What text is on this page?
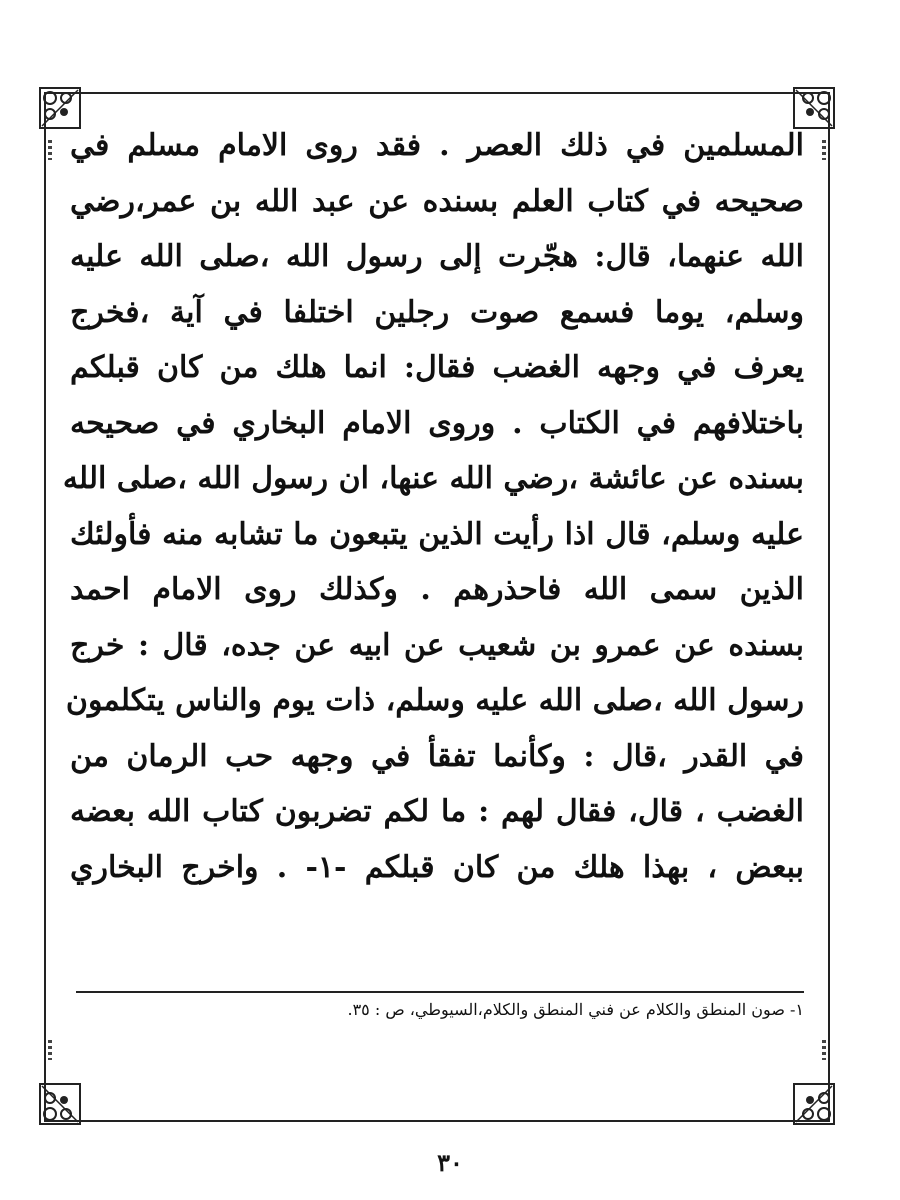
المسلمين في ذلك العصر . فقد روى الامام مسلم في
صحيحه في كتاب العلم بسنده عن عبد الله بن عمر،رضي
الله عنهما، قال: هجّرت إلى رسول الله ،صلى الله عليه
وسلم، يوما فسمع صوت رجلين اختلفا في آية ،فخرج
يعرف في وجهه الغضب فقال: انما هلك من كان قبلكم
باختلافهم في الكتاب . وروى الامام البخاري في صحيحه
بسنده عن عائشة ،رضي الله عنها، ان رسول الله ،صلى الله
عليه وسلم، قال اذا رأيت الذين يتبعون ما تشابه منه فأولئك
الذين سمى الله فاحذرهم . وكذلك روى الامام احمد
بسنده عن عمرو بن شعيب عن ابيه عن جده، قال : خرج
رسول الله ،صلى الله عليه وسلم، ذات يوم والناس يتكلمون
في القدر ،قال : وكأنما تفقأ في وجهه حب الرمان من
الغضب ، قال، فقال لهم : ما لكم تضربون كتاب الله بعضه
ببعض ، بهذا هلك من كان قبلكم -١- . واخرج البخاري
١- صون المنطق والكلام عن فني المنطق والكلام،السيوطي، ص : ٣٥.
٣٠
